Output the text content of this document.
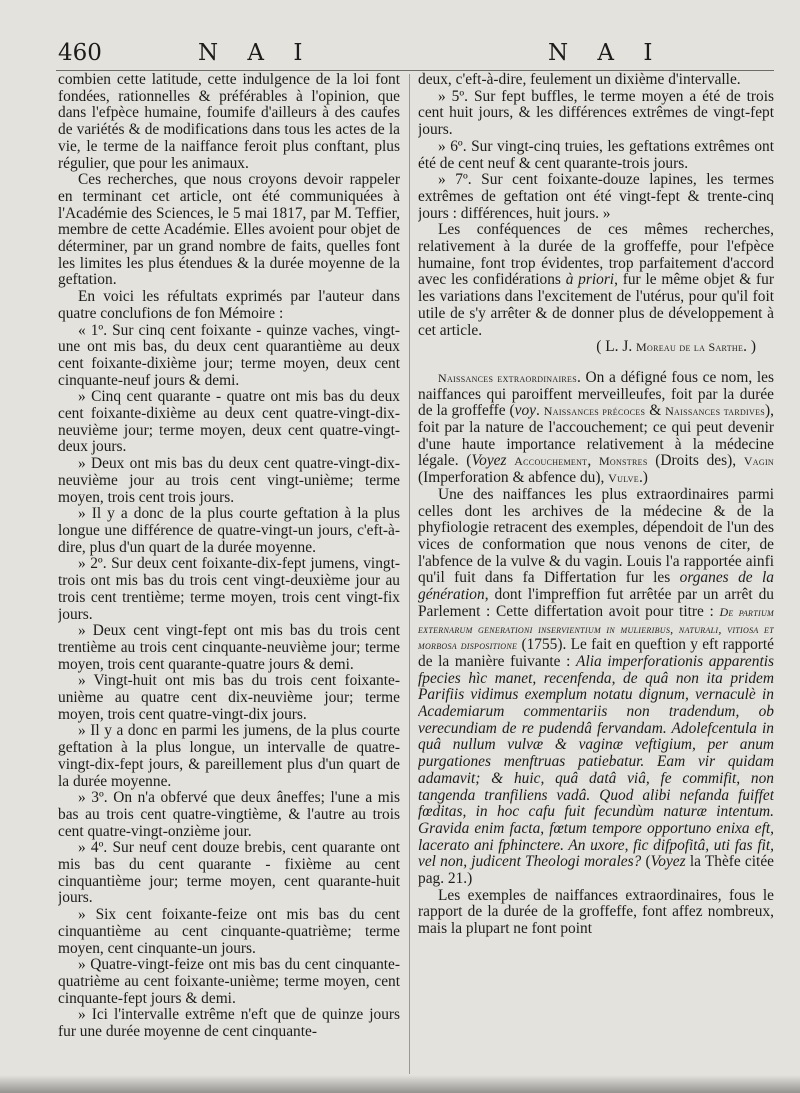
460	N A I	N A I

combien cette latitude, cette indulgence de la loi font fondées, rationnelles & préférables à l'opinion, que dans l'efpèce humaine, foumife d'ailleurs à des caufes de variétés & de modifications dans tous les actes de la vie, le terme de la naiffance feroit plus conftant, plus régulier, que pour les animaux.

Ces recherches, que nous croyons devoir rappeler en terminant cet article, ont été communiquées à l'Académie des Sciences, le 5 mai 1817, par M. Teffier, membre de cette Académie. Elles avoient pour objet de déterminer, par un grand nombre de faits, quelles font les limites les plus étendues & la durée moyenne de la geftation.

En voici les réfultats exprimés par l'auteur dans quatre conclufions de fon Mémoire :

« 1º. Sur cinq cent foixante - quinze vaches, vingt-une ont mis bas, du deux cent quarantième au deux cent foixante-dixième jour; terme moyen, deux cent cinquante-neuf jours & demi.

» Cinq cent quarante - quatre ont mis bas du deux cent foixante-dixième au deux cent quatre-vingt-dix-neuvième jour; terme moyen, deux cent quatre-vingt-deux jours.

» Deux ont mis bas du deux cent quatre-vingt-dix-neuvième jour au trois cent vingt-unième; terme moyen, trois cent trois jours.

» Il y a donc de la plus courte geftation à la plus longue une différence de quatre-vingt-un jours, c'eft-à-dire, plus d'un quart de la durée moyenne.

» 2º. Sur deux cent foixante-dix-fept jumens, vingt-trois ont mis bas du trois cent vingt-deuxième jour au trois cent trentième; terme moyen, trois cent vingt-fix jours.

» Deux cent vingt-fept ont mis bas du trois cent trentième au trois cent cinquante-neuvième jour; terme moyen, trois cent quarante-quatre jours & demi.

» Vingt-huit ont mis bas du trois cent foixante-unième au quatre cent dix-neuvième jour; terme moyen, trois cent quatre-vingt-dix jours.

» Il y a donc en parmi les jumens, de la plus courte geftation à la plus longue, un intervalle de quatre-vingt-dix-fept jours, & pareillement plus d'un quart de la durée moyenne.

» 3º. On n'a obfervé que deux âneffes; l'une a mis bas au trois cent quatre-vingtième, & l'autre au trois cent quatre-vingt-onzième jour.

» 4º. Sur neuf cent douze brebis, cent quarante ont mis bas du cent quarante - fixième au cent cinquantième jour; terme moyen, cent quarante-huit jours.

» Six cent foixante-feize ont mis bas du cent cinquantième au cent cinquante-quatrième; terme moyen, cent cinquante-un jours.

» Quatre-vingt-feize ont mis bas du cent cinquante-quatrième au cent foixante-unième; terme moyen, cent cinquante-fept jours & demi.

» Ici l'intervalle extrême n'eft que de quinze jours fur une durée moyenne de cent cinquante-

deux, c'eft-à-dire, feulement un dixième d'intervalle.

» 5º. Sur fept buffles, le terme moyen a été de trois cent huit jours, & les différences extrêmes de vingt-fept jours.

» 6º. Sur vingt-cinq truies, les geftations extrêmes ont été de cent neuf & cent quarante-trois jours.

» 7º. Sur cent foixante-douze lapines, les termes extrêmes de geftation ont été vingt-fept & trente-cinq jours : différences, huit jours. »

Les conféquences de ces mêmes recherches, relativement à la durée de la groffeffe, pour l'efpèce humaine, font trop évidentes, trop parfaitement d'accord avec les confidérations à priori, fur le même objet & fur les variations dans l'excitement de l'utérus, pour qu'il foit utile de s'y arrêter & de donner plus de développement à cet article.

( L. J. Moreau de la Sarthe. )

Naissances extraordinaires. On a défigné fous ce nom, les naiffances qui paroiffent merveilleufes, foit par la durée de la groffeffe (voy. Naissances précoces & Naissances tardives), foit par la nature de l'accouchement; ce qui peut devenir d'une haute importance relativement à la médecine légale. (Voyez Accouchement, Monstres (Droits des), Vagin (Imperforation & abfence du), Vulve.)

Une des naiffances les plus extraordinaires parmi celles dont les archives de la médecine & de la phyfiologie retracent des exemples, dépendoit de l'un des vices de conformation que nous venons de citer, de l'abfence de la vulve & du vagin. Louis l'a rapportée ainfi qu'il fuit dans fa Differtation fur les organes de la génération, dont l'impreffion fut arrêtée par un arrêt du Parlement : Cette differtation avoit pour titre : De partium externarum generationi inservientium in mulieribus, naturali, vitiosa et morbosa dispositione (1755). Le fait en queftion y eft rapporté de la manière fuivante : Alia imperforationis apparentis fpecies hìc manet, recenfenda, de quâ non ita pridem Parifiis vidimus exemplum notatu dignum, vernaculè in Academiarum commentariis non tradendum, ob verecundiam de re pudendâ fervandam. Adolefcentula in quâ nullum vulvæ & vaginæ veftigium, per anum purgationes menftruas patiebatur. Eam vir quidam adamavit; & huic, quâ datâ viâ, fe commifit, non tangenda tranfiliens vadâ. Quod alibi nefanda fuiffet fœditas, in hoc cafu fuit fecundùm naturæ intentum. Gravida enim facta, fœtum tempore opportuno enixa eft, lacerato ani fphinctere. An uxore, fic difpofitâ, uti fas fit, vel non, judicent Theologi morales? (Voyez la Thèfe citée pag. 21.)

Les exemples de naiffances extraordinaires, fous le rapport de la durée de la groffeffe, font affez nombreux, mais la plupart ne font point
